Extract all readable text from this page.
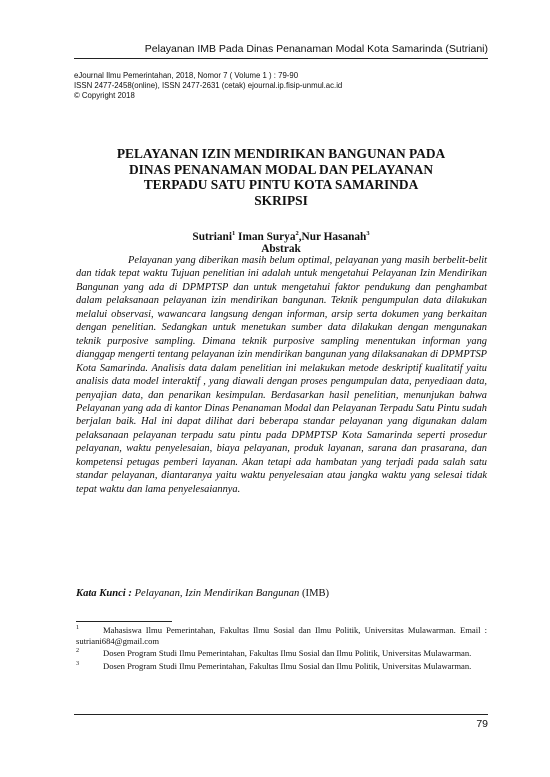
Pelayanan IMB Pada Dinas Penanaman Modal Kota Samarinda (Sutriani)
eJournal Ilmu Pemerintahan, 2018, Nomor 7 ( Volume 1 ) : 79-90
ISSN 2477-2458(online), ISSN 2477-2631 (cetak) ejournal.ip.fisip-unmul.ac.id
© Copyright 2018
PELAYANAN IZIN MENDIRIKAN BANGUNAN PADA
DINAS PENANAMAN MODAL DAN PELAYANAN
TERPADU SATU PINTU KOTA SAMARINDA
SKRIPSI
Sutriani$^1$ Iman Surya$^2$,Nur Hasanah$^3$
Abstrak

Pelayanan yang diberikan masih belum optimal, pelayanan yang masih berbelit-belit dan tidak tepat waktu Tujuan penelitian ini adalah untuk mengetahui Pelayanan Izin Mendirikan Bangunan yang ada di DPMPTSP dan untuk mengetahui faktor pendukung dan penghambat dalam pelaksanaan pelayanan izin mendirikan bangunan. Teknik pengumpulan data dilakukan melalui observasi, wawancara langsung dengan informan, arsip serta dokumen yang berkaitan dengan penelitian. Sedangkan untuk menetukan sumber data dilakukan dengan mengunakan teknik purposive sampling. Dimana teknik purposive sampling menentukan informan yang dianggap mengerti tentang pelayanan izin mendirikan bangunan yang dilaksanakan di DPMPTSP Kota Samarinda. Analisis data dalam penelitian ini melakukan metode deskriptif kualitatif yaitu analisis data model interaktif , yang diawali dengan proses pengumpulan data, penyediaan data, penyajian data, dan penarikan kesimpulan. Berdasarkan hasil penelitian, menunjukan bahwa Pelayanan yang ada di kantor Dinas Penanaman Modal dan Pelayanan Terpadu Satu Pintu sudah berjalan baik. Hal ini dapat dilihat dari beberapa standar pelayanan yang digunakan dalam pelaksanaan pelayanan terpadu satu pintu pada DPMPTSP Kota Samarinda seperti prosedur pelayanan, waktu penyelesaian, biaya pelayanan, produk layanan, sarana dan prasarana, dan kompetensi petugas pemberi layanan. Akan tetapi ada hambatan yang terjadi pada salah satu standar pelayanan, diantaranya yaitu waktu penyelesaian atau jangka waktu yang selesai tidak tepat waktu dan lama penyelesaiannya.

Kata Kunci : Pelayanan, Izin Mendirikan Bangunan (IMB)
1	Mahasiswa Ilmu Pemerintahan, Fakultas Ilmu Sosial dan Ilmu Politik, Universitas Mulawarman. Email : sutriani684@gmail.com
2	Dosen Program Studi Ilmu Pemerintahan, Fakultas Ilmu Sosial dan Ilmu Politik, Universitas Mulawarman.
3	Dosen Program Studi Ilmu Pemerintahan, Fakultas Ilmu Sosial dan Ilmu Politik, Universitas Mulawarman.
79
